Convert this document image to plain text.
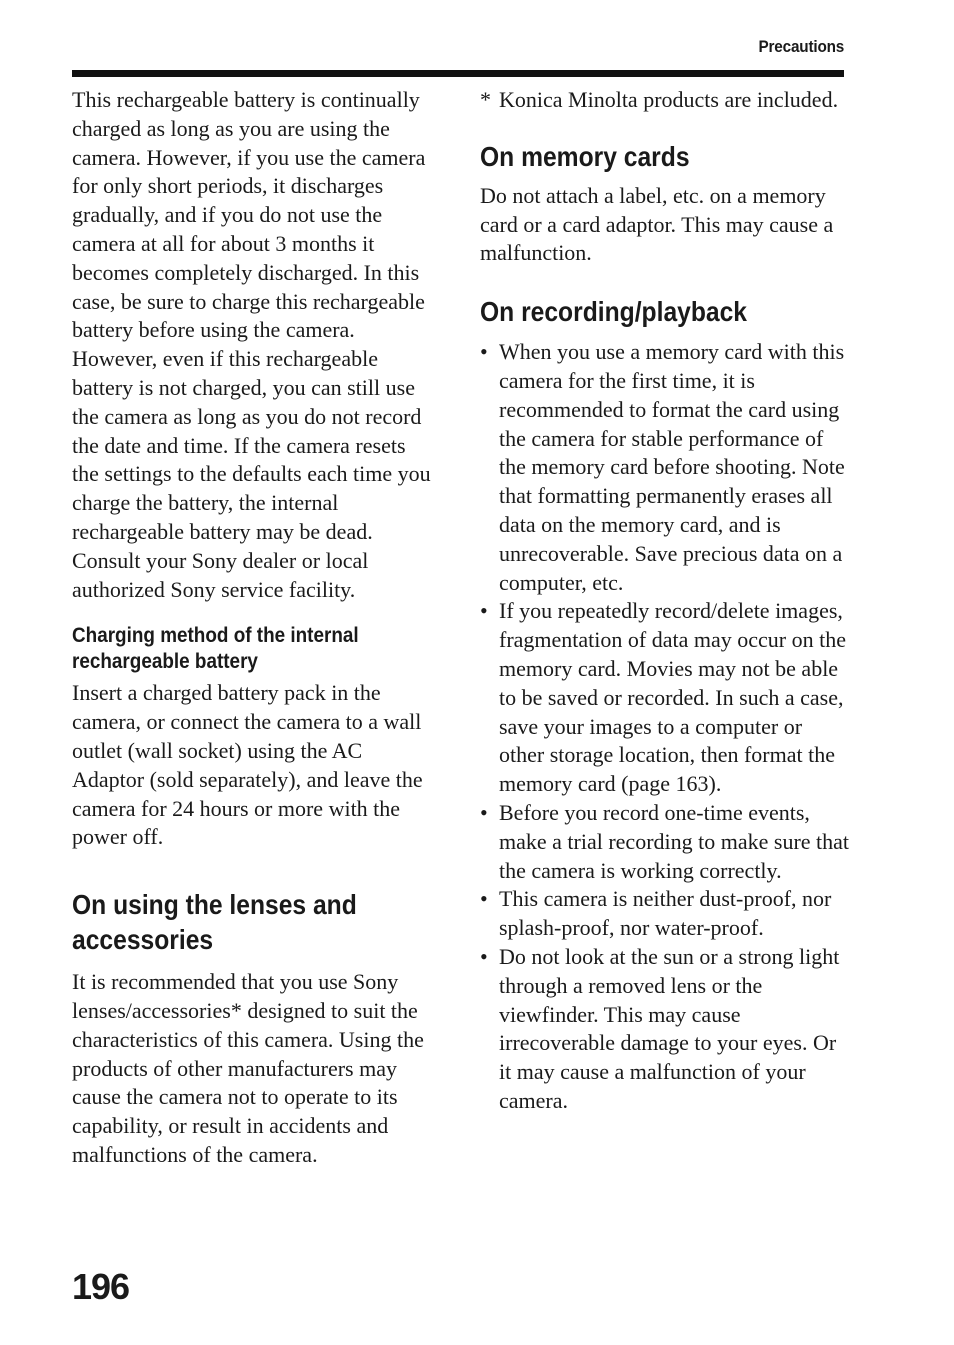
Precautions

This rechargeable battery is continually charged as long as you are using the camera. However, if you use the camera for only short periods, it discharges gradually, and if you do not use the camera at all for about 3 months it becomes completely discharged. In this case, be sure to charge this rechargeable battery before using the camera.

However, even if this rechargeable battery is not charged, you can still use the camera as long as you do not record the date and time. If the camera resets the settings to the defaults each time you charge the battery, the internal rechargeable battery may be dead. Consult your Sony dealer or local authorized Sony service facility.

Charging method of the internal rechargeable battery

Insert a charged battery pack in the camera, or connect the camera to a wall outlet (wall socket) using the AC Adaptor (sold separately), and leave the camera for 24 hours or more with the power off.

On using the lenses and accessories

It is recommended that you use Sony lenses/accessories* designed to suit the characteristics of this camera. Using the products of other manufacturers may cause the camera not to operate to its capability, or result in accidents and malfunctions of the camera.

* Konica Minolta products are included.

On memory cards

Do not attach a label, etc. on a memory card or a card adaptor. This may cause a malfunction.

On recording/playback
• When you use a memory card with this camera for the first time, it is recommended to format the card using the camera for stable performance of the memory card before shooting. Note that formatting permanently erases all data on the memory card, and is unrecoverable. Save precious data on a computer, etc.
• If you repeatedly record/delete images, fragmentation of data may occur on the memory card. Movies may not be able to be saved or recorded. In such a case, save your images to a computer or other storage location, then format the memory card (page 163).
• Before you record one-time events, make a trial recording to make sure that the camera is working correctly.
• This camera is neither dust-proof, nor splash-proof, nor water-proof.
• Do not look at the sun or a strong light through a removed lens or the viewfinder. This may cause irrecoverable damage to your eyes. Or it may cause a malfunction of your camera.
196
